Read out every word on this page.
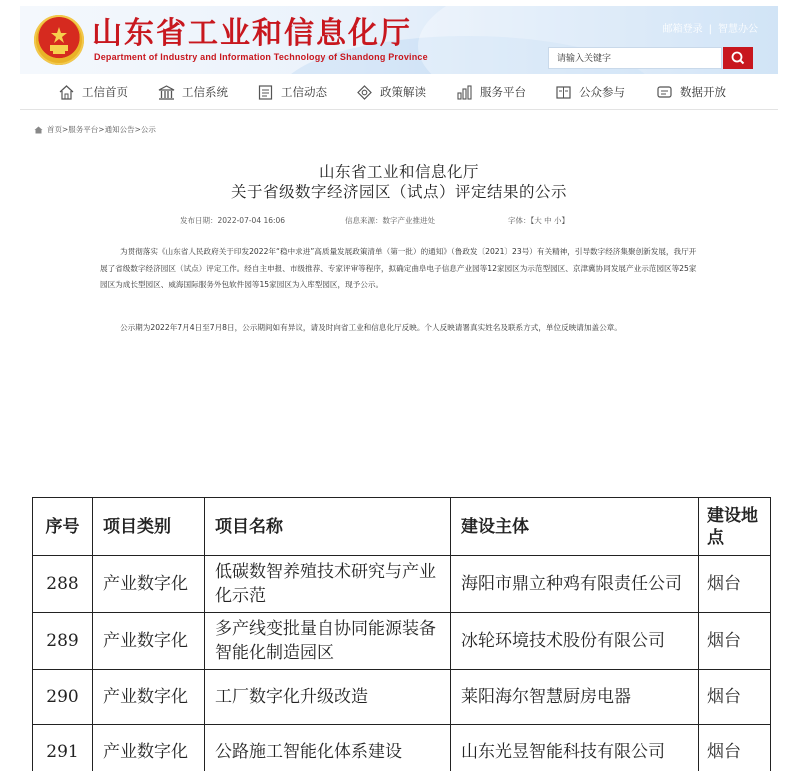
山东省工业和信息化厅
Department of Industry and Information Technology of Shandong Province
邮箱登录 | 智慧办公
请输入关键字
工信首页	工信系统	工信动态	政策解读	服务平台	公众参与	数据开放
首页>服务平台>通知公告>公示
山东省工业和信息化厅
关于省级数字经济园区（试点）评定结果的公示
发布日期：2022-07-04 16:06	信息来源：数字产业推进处	字体：【大 中 小】
为贯彻落实《山东省人民政府关于印发2022年“稳中求进”高质量发展政策清单（第一批）的通知》（鲁政发〔2021〕23号）有关精神，引导数字经济集聚创新发展，我厅开展了省级数字经济园区（试点）评定工作。经自主申报、市级推荐、专家评审等程序，拟确定曲阜电子信息产业园等12家园区为示范型园区、京津冀协同发展产业示范园区等25家园区为成长型园区、威海国际服务外包软件园等15家园区为入库型园区，现予公示。
公示期为2022年7月4日至7月8日，公示期间如有异议，请及时向省工业和信息化厅反映。个人反映请署真实姓名及联系方式，单位反映请加盖公章。
序号	项目类别	项目名称	建设主体	建设地点
288	产业数字化	低碳数智养殖技术研究与产业化示范	海阳市鼎立种鸡有限责任公司	烟台
289	产业数字化	多产线变批量自协同能源装备智能化制造园区	冰轮环境技术股份有限公司	烟台
290	产业数字化	工厂数字化升级改造	莱阳海尔智慧厨房电器	烟台
291	产业数字化	公路施工智能化体系建设	山东光昱智能科技有限公司	烟台
